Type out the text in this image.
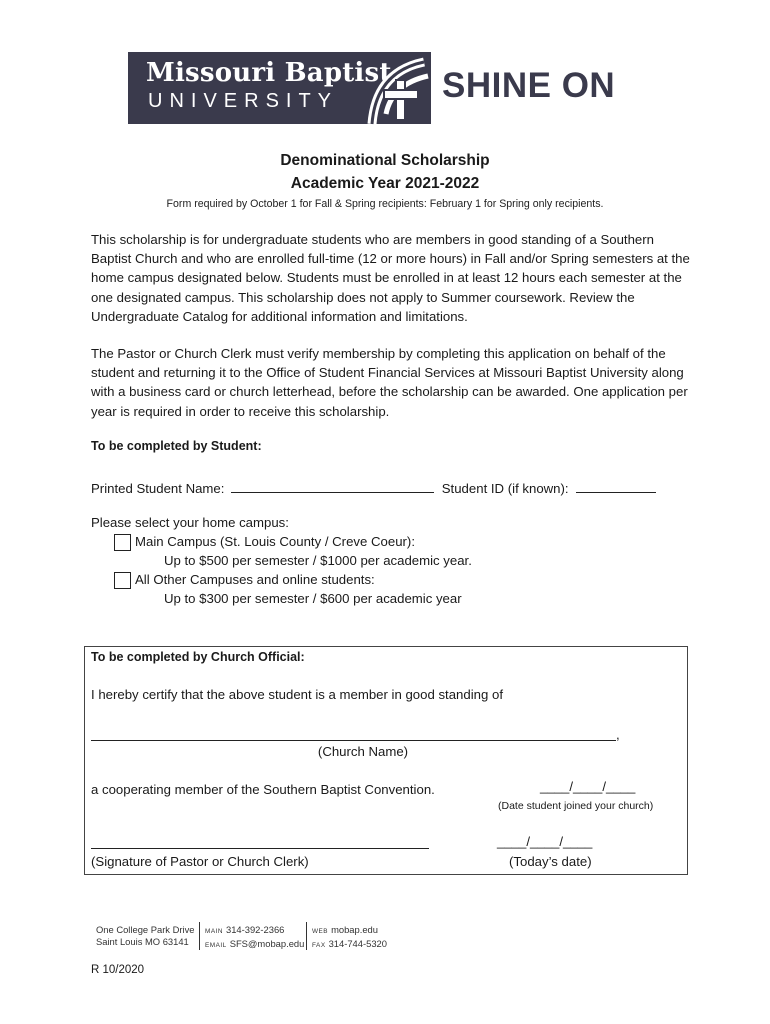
Missouri Baptist
UNIVERSITY	SHINE ON
Denominational Scholarship
Academic Year 2021-2022
Form required by October 1 for Fall & Spring recipients: February 1 for Spring only recipients.
This scholarship is for undergraduate students who are members in good standing of a Southern Baptist Church and who are enrolled full-time (12 or more hours) in Fall and/or Spring semesters at the home campus designated below. Students must be enrolled in at least 12 hours each semester at the one designated campus. This scholarship does not apply to Summer coursework. Review the Undergraduate Catalog for additional information and limitations.
The Pastor or Church Clerk must verify membership by completing this application on behalf of the student and returning it to the Office of Student Financial Services at Missouri Baptist University along with a business card or church letterhead, before the scholarship can be awarded. One application per year is required in order to receive this scholarship.
To be completed by Student:
Printed Student Name:	Student ID (if known):
Please select your home campus:
Main Campus (St. Louis County / Creve Coeur):
Up to $500 per semester / $1000 per academic year.
All Other Campuses and online students:
Up to $300 per semester / $600 per academic year
To be completed by Church Official:
I hereby certify that the above student is a member in good standing of
,
(Church Name)
a cooperating member of the Southern Baptist Convention.	____/____/____
(Date student joined your church)
____/____/____
(Signature of Pastor or Church Clerk)	(Today’s date)
One College Park Drive
Saint Louis MO 63141
MAIN 314-392-2366
EMAIL SFS@mobap.edu
WEB mobap.edu
FAX 314-744-5320
R 10/2020
